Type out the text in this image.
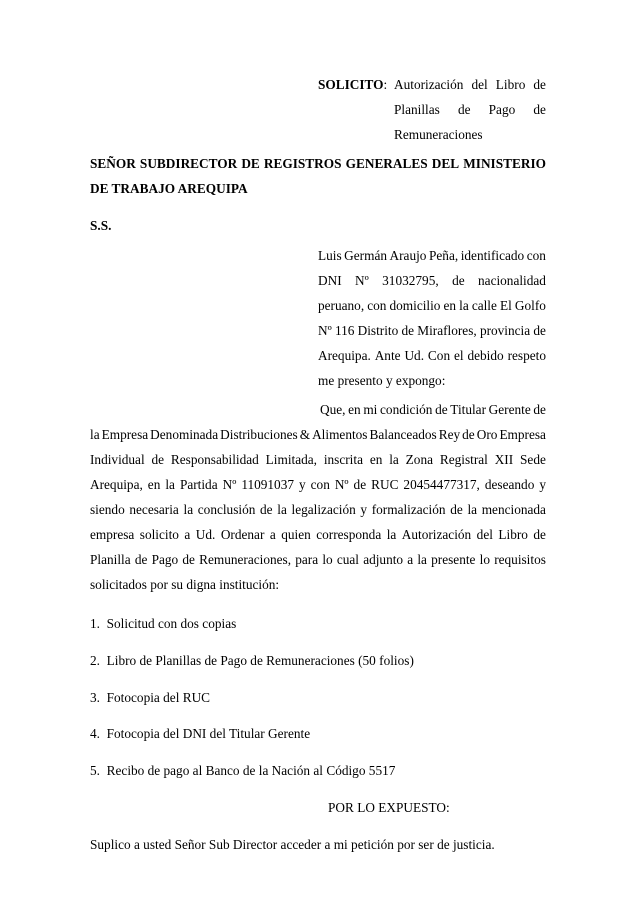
SOLICITO: Autorización del Libro de
Planillas de Pago de
Remuneraciones
SEÑOR SUBDIRECTOR DE REGISTROS GENERALES DEL MINISTERIO
DE TRABAJO AREQUIPA
S.S.
Luis Germán Araujo Peña, identificado con
DNI Nº 31032795, de nacionalidad
peruano, con domicilio en la calle El Golfo
Nº 116 Distrito de Miraflores, provincia de
Arequipa. Ante Ud. Con el debido respeto
me presento y expongo:
Que, en mi condición de Titular Gerente de
la Empresa Denominada Distribuciones & Alimentos Balanceados Rey de Oro Empresa
Individual de Responsabilidad Limitada, inscrita en la Zona Registral XII Sede
Arequipa, en la Partida Nº 11091037 y con Nº de RUC 20454477317, deseando y
siendo necesaria la conclusión de la legalización y formalización de la mencionada
empresa solicito a Ud. Ordenar a quien corresponda la Autorización del Libro de
Planilla de Pago de Remuneraciones, para lo cual adjunto a la presente lo requisitos
solicitados por su digna institución:
1. Solicitud con dos copias
2. Libro de Planillas de Pago de Remuneraciones (50 folios)
3. Fotocopia del RUC
4. Fotocopia del DNI del Titular Gerente
5. Recibo de pago al Banco de la Nación al Código 5517
POR LO EXPUESTO:
Suplico a usted Señor Sub Director acceder a mi petición por ser de justicia.
